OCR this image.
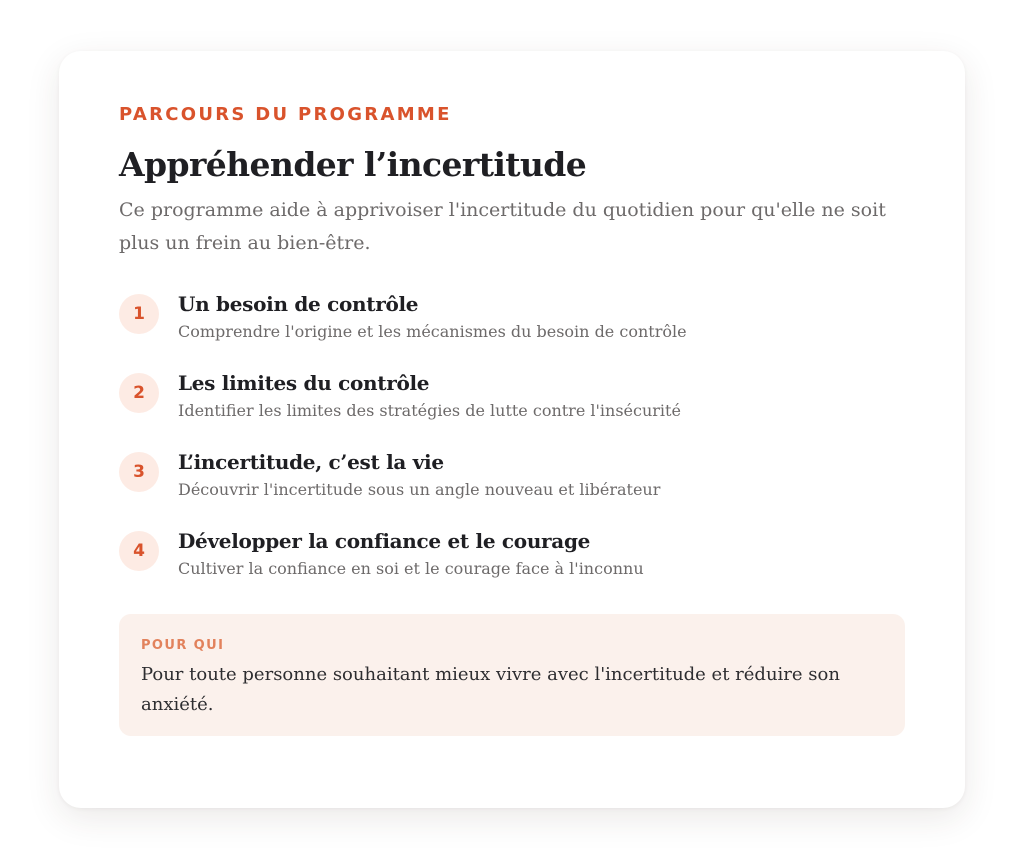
PARCOURS DU PROGRAMME

Appréhender l’incertitude

Ce programme aide à apprivoiser l'incertitude du quotidien pour qu'elle ne soit plus un frein au bien-être.

1	Un besoin de contrôle
Comprendre l'origine et les mécanismes du besoin de contrôle
2	Les limites du contrôle
Identifier les limites des stratégies de lutte contre l'insécurité
3	L’incertitude, c’est la vie
Découvrir l'incertitude sous un angle nouveau et libérateur
4	Développer la confiance et le courage
Cultiver la confiance en soi et le courage face à l'inconnu
POUR QUI

Pour toute personne souhaitant mieux vivre avec l'incertitude et réduire son anxiété.
